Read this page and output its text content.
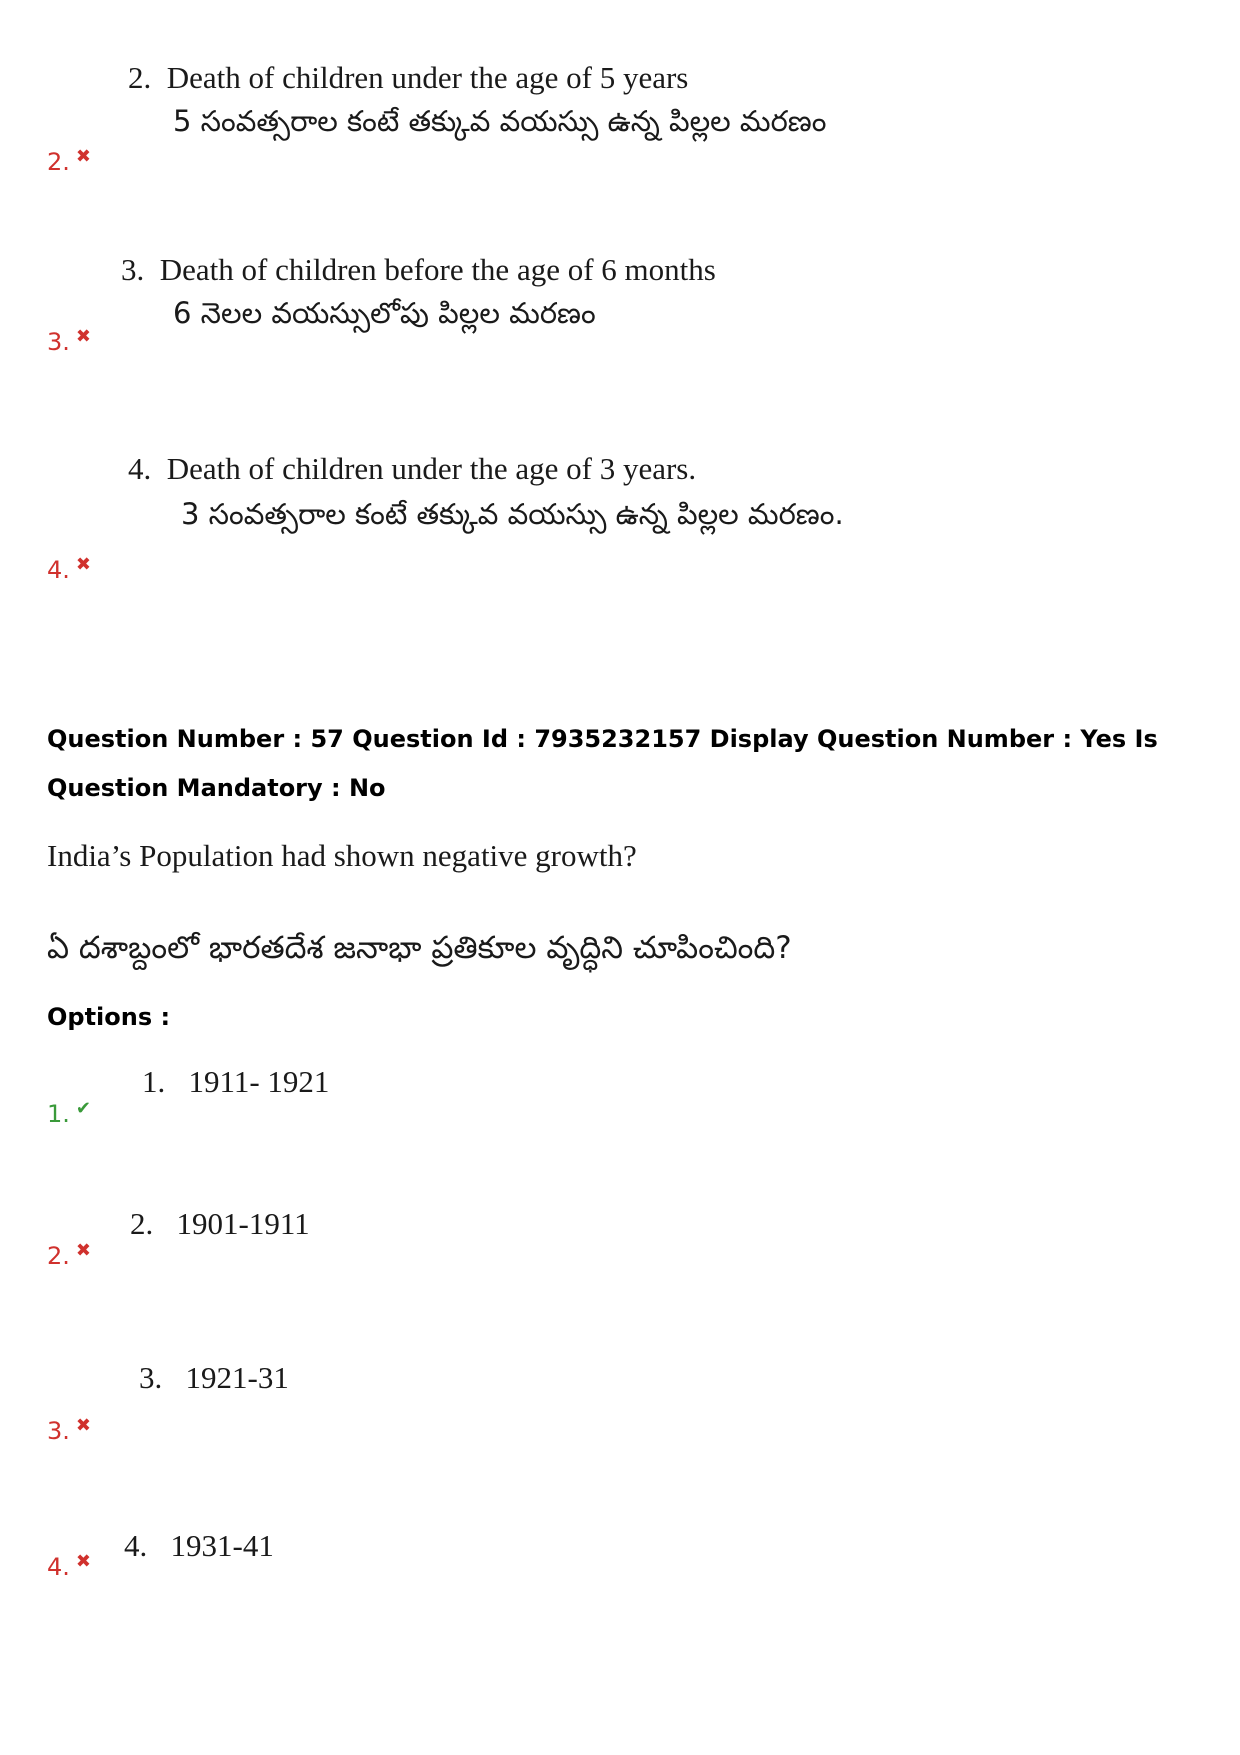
2.  Death of children under the age of 5 years
5 సంవత్సరాల కంటే తక్కువ వయస్సు ఉన్న పిల్లల మరణం
2. ✖
3.  Death of children before the age of 6 months
6 నెలల వయస్సులోపు పిల్లల మరణం
3. ✖
4.  Death of children under the age of 3 years.
3 సంవత్సరాల కంటే తక్కువ వయస్సు ఉన్న పిల్లల మరణం.
4. ✖
Question Number : 57 Question Id : 7935232157 Display Question Number : Yes Is Question Mandatory : No
India’s Population had shown negative growth?
ఏ దశాబ్దంలో భారతదేశ జనాభా ప్రతికూల వృద్ధిని చూపించింది?
Options :
1.   1911- 1921
1. ✔
2.   1901-1911
2. ✖
3.   1921-31
3. ✖
4.   1931-41
4. ✖
